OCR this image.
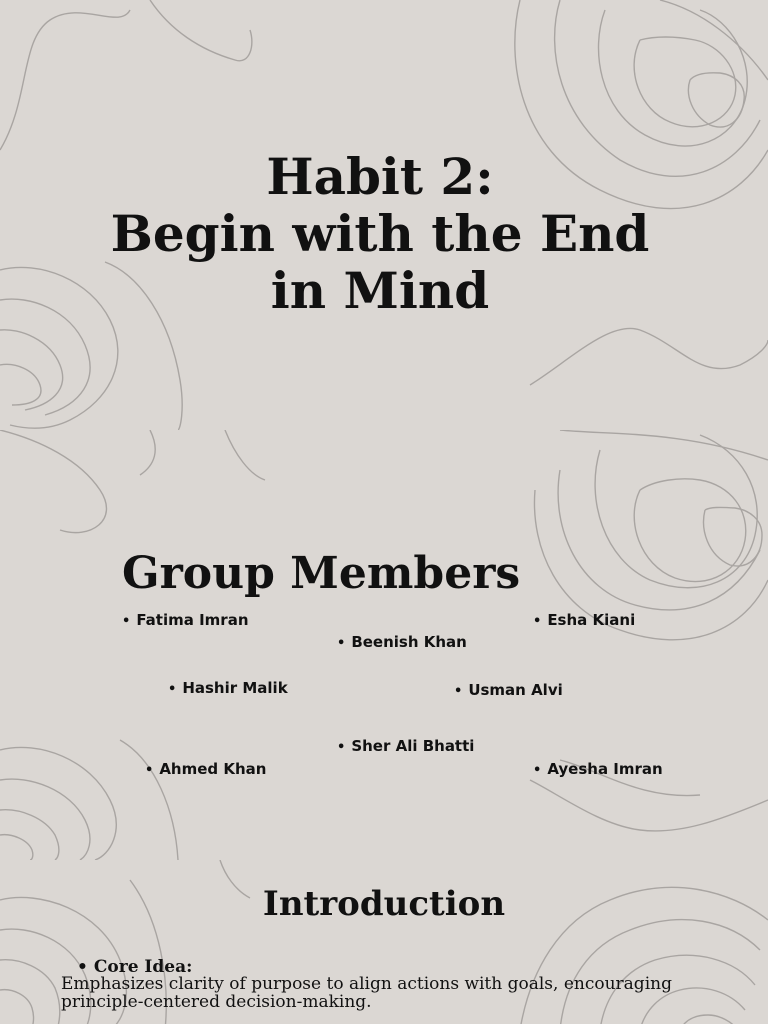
Habit 2:
Begin with the End
in Mind
Group Members
• Fatima Imran
• Beenish Khan
• Esha Kiani
• Hashir Malik	• Usman Alvi
• Sher Ali Bhatti
• Ahmed Khan	• Ayesha Imran
Introduction
• Core Idea:

Emphasizes clarity of purpose to align actions with goals, encouraging principle-centered decision-making.
